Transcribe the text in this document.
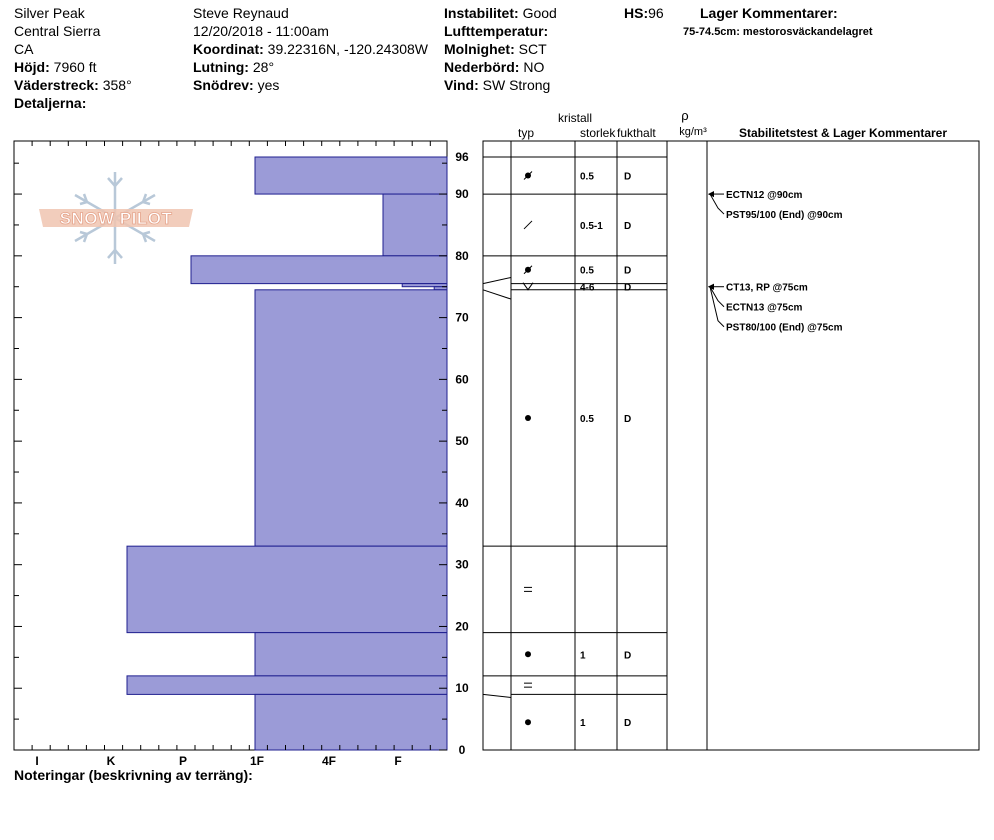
Silver Peak
Central Sierra
CA
Höjd: 7960 ft
Väderstreck: 358°
Detaljerna:
Steve Reynaud
12/20/2018 - 11:00am
Koordinat: 39.22316N, -120.24308W
Lutning: 28°
Snödrev: yes
Instabilitet: Good
Lufttemperatur:
Molnighet: SCT
Nederbörd: NO
Vind: SW Strong
HS:96	Lager Kommentarer:
75-74.5cm: mestorosväckandelagret
SNOW PILOT
I	K	P	1F	4F	F
0
10
20
30
40
50
60
70
80
90
96
typ
kristall
storlek fukthalt
ρ
kg/m³	Stabilitetstest & Lager Kommentarer
0.5	D
0.5-1 D
0.5	D
4-6	D
0.5	D
1	D
1	D
CT13, RP @75cm
ECTN13 @75cm
PST80/100 (End) @75cm
ECTN12 @90cm
PST95/100 (End) @90cm
Noteringar (beskrivning av terräng):
